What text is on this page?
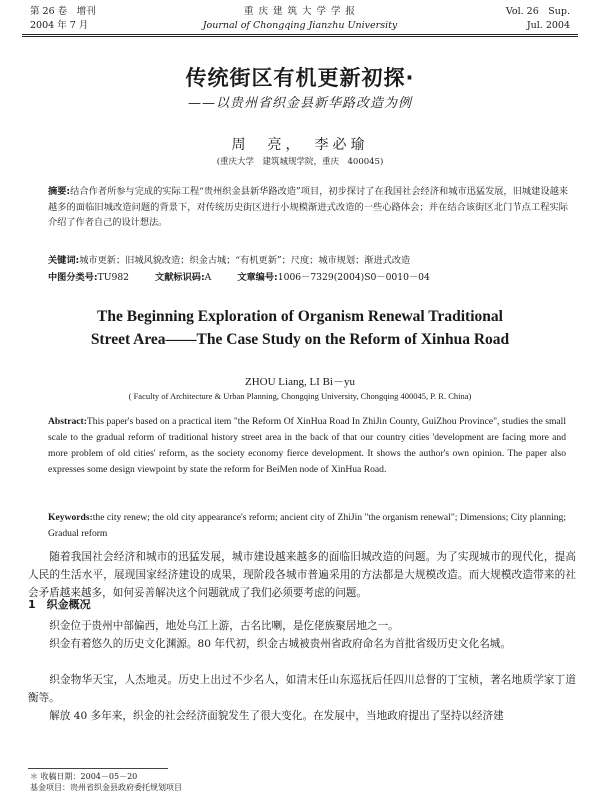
第 26 卷　增刊
2004 年 7 月
重 庆 建 筑 大 学 学 报
Journal of Chongqing Jianzhu University
Vol. 26　Sup.
Jul. 2004
传统街区有机更新初探·
——以贵州省织金县新华路改造为例
周　亮，　李必瑜
(重庆大学　建筑城规学院，重庆　400045)
摘要:结合作者所参与完成的实际工程“贵州织金县新华路改造”项目，初步探讨了在我国社会经济和城市迅猛发展，旧城建设越来越多的面临旧城改造问题的背景下，对传统历史街区进行小规模渐进式改造的一些心路体会；并在结合该街区北门节点工程实际介绍了作者自己的设计想法。
关键词:城市更新；旧城风貌改造；织金古城；“有机更新”；尺度；城市规划；渐进式改造
中图分类号:TU982	文献标识码:A	文章编号:1006－7329(2004)S0－0010－04
The Beginning Exploration of Organism Renewal Traditional
Street Area——The Case Study on the Reform of Xinhua Road
ZHOU Liang, LI Bi－yu
( Faculty of Architecture & Urban Planning, Chongqing University, Chongqing 400045, P. R. China)
Abstract:This paper's based on a practical item "the Reform Of XinHua Road In ZhiJin County, GuiZhou Province", studies the small scale to the gradual reform of traditional history street area in the back of that our country cities 'development are facing more and more problem of old cities' reform, as the society economy fierce development. It shows the author's own opinion. The paper also expresses some design viewpoint by state the reform for BeiMen node of XinHua Road.
Keywords:the city renew; the old city appearance's reform; ancient city of ZhiJin "the organism renewal"; Dimensions; City planning; Gradual reform
随着我国社会经济和城市的迅猛发展，城市建设越来越多的面临旧城改造的问题。为了实现城市的现代化，提高人民的生活水平，展现国家经济建设的成果，现阶段各城市普遍采用的方法都是大规模改造。而大规模改造带来的社会矛盾越来越多，如何妥善解决这个问题就成了我们必须要考虑的问题。
1　织金概况
织金位于贵州中部偏西，地处乌江上游，古名比喇，是仡佬族聚居地之一。
织金有着悠久的历史文化渊源。80 年代初，织金古城被贵州省政府命名为首批省级历史文化名城。
织金物华天宝，人杰地灵。历史上出过不少名人，如清末任山东巡抚后任四川总督的丁宝桢，著名地质学家丁道衡等。
解放 40 多年来，织金的社会经济面貌发生了很大变化。在发展中，当地政府提出了坚持以经济建
＊ 收稿日期：2004－05－20
基金项目：贵州省织金县政府委托规划项目
